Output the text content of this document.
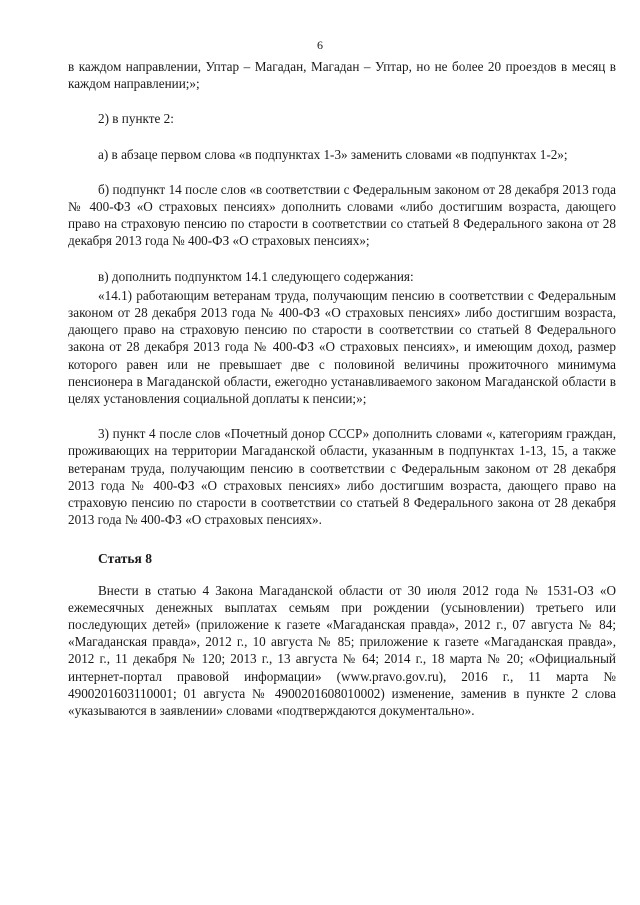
6

в каждом направлении, Уптар – Магадан, Магадан – Уптар, но не более 20 проездов в месяц в каждом направлении;»;

2) в пункте 2:

а) в абзаце первом слова «в подпунктах 1-3» заменить словами «в подпунктах 1-2»;

б) подпункт 14 после слов «в соответствии с Федеральным законом от 28 декабря 2013 года № 400-ФЗ «О страховых пенсиях» дополнить словами «либо достигшим возраста, дающего право на страховую пенсию по старости в соответствии со статьей 8 Федерального закона от 28 декабря 2013 года № 400-ФЗ «О страховых пенсиях»;

в) дополнить подпунктом 14.1 следующего содержания:

«14.1) работающим ветеранам труда, получающим пенсию в соответствии с Федеральным законом от 28 декабря 2013 года № 400-ФЗ «О страховых пенсиях» либо достигшим возраста, дающего право на страховую пенсию по старости в соответствии со статьей 8 Федерального закона от 28 декабря 2013 года № 400-ФЗ «О страховых пенсиях», и имеющим доход, размер которого равен или не превышает две с половиной величины прожиточного минимума пенсионера в Магаданской области, ежегодно устанавливаемого законом Магаданской области в целях установления социальной доплаты к пенсии;»;

3) пункт 4 после слов «Почетный донор СССР» дополнить словами «, категориям граждан, проживающих на территории Магаданской области, указанным в подпунктах 1-13, 15, а также ветеранам труда, получающим пенсию в соответствии с Федеральным законом от 28 декабря 2013 года № 400-ФЗ «О страховых пенсиях» либо достигшим возраста, дающего право на страховую пенсию по старости в соответствии со статьей 8 Федерального закона от 28 декабря 2013 года № 400-ФЗ «О страховых пенсиях».

Статья 8

Внести в статью 4 Закона Магаданской области от 30 июля 2012 года № 1531-ОЗ «О ежемесячных денежных выплатах семьям при рождении (усыновлении) третьего или последующих детей» (приложение к газете «Магаданская правда», 2012 г., 07 августа № 84; «Магаданская правда», 2012 г., 10 августа № 85; приложение к газете «Магаданская правда», 2012 г., 11 декабря № 120; 2013 г., 13 августа № 64; 2014 г., 18 марта № 20; «Официальный интернет-портал правовой информации» (www.pravo.gov.ru), 2016 г., 11 марта № 4900201603110001; 01 августа № 4900201608010002) изменение, заменив в пункте 2 слова «указываются в заявлении» словами «подтверждаются документально».
